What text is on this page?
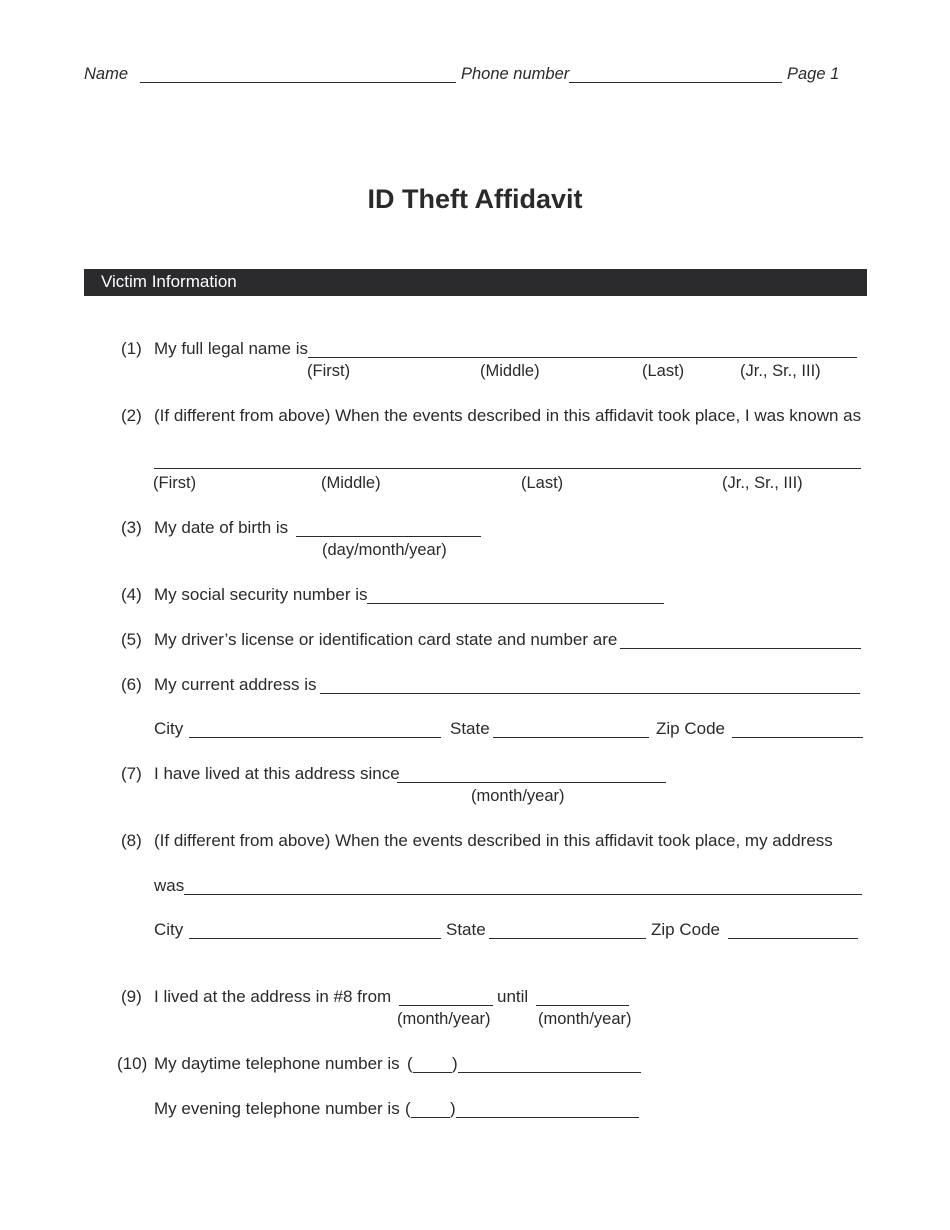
Name	Phone number	Page 1
ID Theft Affidavit
Victim Information
(1) My full legal name is
(First)	(Middle)	(Last)	(Jr., Sr., III)
(2) (If different from above) When the events described in this affidavit took place, I was known as
(First)	(Middle)	(Last)	(Jr., Sr., III)
(3) My date of birth is
(day/month/year)
(4) My social security number is
(5) My driver’s license or identification card state and number are
(6) My current address is
City	State	Zip Code
(7) I have lived at this address since
(month/year)
(8) (If different from above) When the events described in this affidavit took place, my address
was
City	State	Zip Code
(9) I lived at the address in #8 from	until
(month/year)	(month/year)
(10) My daytime telephone number is ( )
My evening telephone number is ( )
